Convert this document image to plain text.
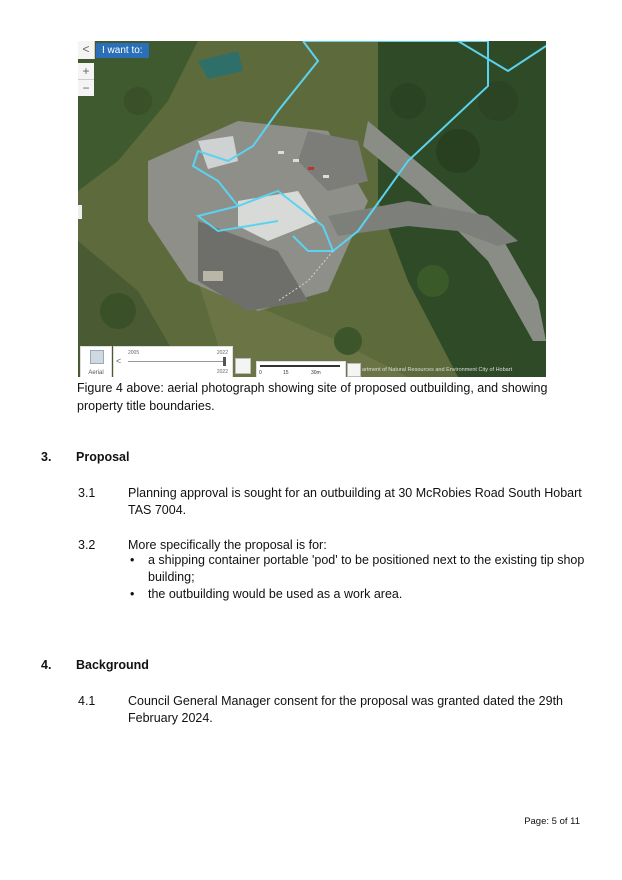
<	I want to:
+
−
Aerial
<
2005	2022
2022	0	15	30m	artment of Natural Resources and Environment City of Hobart

Figure 4 above: aerial photograph showing site of proposed outbuilding, and showing property title boundaries.

3. Proposal
3.1	Planning approval is sought for an outbuilding at 30 McRobies Road South Hobart TAS 7004.

3.2	More specifically the proposal is for:

• a shipping container portable 'pod' to be positioned next to the existing tip shop building;
• the outbuilding would be used as a work area.
4. Background
4.1	Council General Manager consent for the proposal was granted dated the 29th February 2024.

Page: 5 of 11
